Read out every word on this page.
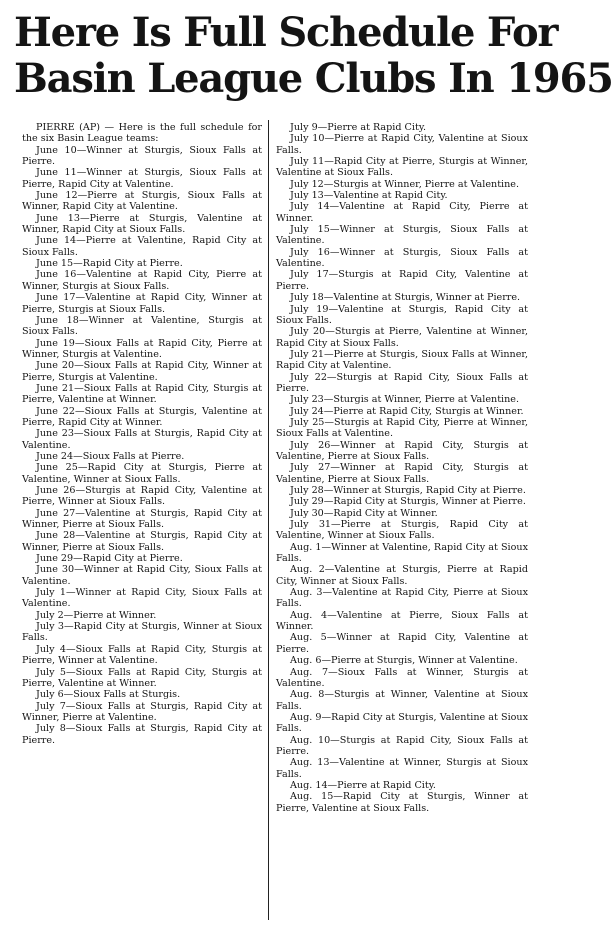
Here Is Full Schedule For
Basin League Clubs In 1965

PIERRE (AP) — Here is the full schedule for the six Basin League teams:

June 10—Winner at Sturgis, Sioux Falls at Pierre.

June 11—Winner at Sturgis, Sioux Falls at Pierre, Rapid City at Valentine.

June 12—Pierre at Sturgis, Sioux Falls at Winner, Rapid City at Valentine.

June 13—Pierre at Sturgis, Valentine at Winner, Rapid City at Sioux Falls.

June 14—Pierre at Valentine, Rapid City at Sioux Falls.

June 15—Rapid City at Pierre.

June 16—Valentine at Rapid City, Pierre at Winner, Sturgis at Sioux Falls.

June 17—Valentine at Rapid City, Winner at Pierre, Sturgis at Sioux Falls.

June 18—Winner at Valentine, Sturgis at Sioux Falls.

June 19—Sioux Falls at Rapid City, Pierre at Winner, Sturgis at Valentine.

June 20—Sioux Falls at Rapid City, Winner at Pierre, Sturgis at Valentine.

June 21—Sioux Falls at Rapid City, Sturgis at Pierre, Valentine at Winner.

June 22—Sioux Falls at Sturgis, Valentine at Pierre, Rapid City at Winner.

June 23—Sioux Falls at Sturgis, Rapid City at Valentine.

June 24—Sioux Falls at Pierre.

June 25—Rapid City at Sturgis, Pierre at Valentine, Winner at Sioux Falls.

June 26—Sturgis at Rapid City, Valentine at Pierre, Winner at Sioux Falls.

June 27—Valentine at Sturgis, Rapid City at Winner, Pierre at Sioux Falls.

June 28—Valentine at Sturgis, Rapid City at Winner, Pierre at Sioux Falls.

June 29—Rapid City at Pierre.

June 30—Winner at Rapid City, Sioux Falls at Valentine.

July 1—Winner at Rapid City, Sioux Falls at Valentine.

July 2—Pierre at Winner.

July 3—Rapid City at Sturgis, Winner at Sioux Falls.

July 4—Sioux Falls at Rapid City, Sturgis at Pierre, Winner at Valentine.

July 5—Sioux Falls at Rapid City, Sturgis at Pierre, Valentine at Winner.

July 6—Sioux Falls at Sturgis.

July 7—Sioux Falls at Sturgis, Rapid City at Winner, Pierre at Valentine.

July 8—Sioux Falls at Sturgis, Rapid City at Pierre.

July 9—Pierre at Rapid City.

July 10—Pierre at Rapid City, Valentine at Sioux Falls.

July 11—Rapid City at Pierre, Sturgis at Winner, Valentine at Sioux Falls.

July 12—Sturgis at Winner, Pierre at Valentine.

July 13—Valentine at Rapid City.

July 14—Valentine at Rapid City, Pierre at Winner.

July 15—Winner at Sturgis, Sioux Falls at Valentine.

July 16—Winner at Sturgis, Sioux Falls at Valentine.

July 17—Sturgis at Rapid City, Valentine at Pierre.

July 18—Valentine at Sturgis, Winner at Pierre.

July 19—Valentine at Sturgis, Rapid City at Sioux Falls.

July 20—Sturgis at Pierre, Valentine at Winner, Rapid City at Sioux Falls.

July 21—Pierre at Sturgis, Sioux Falls at Winner, Rapid City at Valentine.

July 22—Sturgis at Rapid City, Sioux Falls at Pierre.

July 23—Sturgis at Winner, Pierre at Valentine.

July 24—Pierre at Rapid City, Sturgis at Winner.

July 25—Sturgis at Rapid City, Pierre at Winner, Sioux Falls at Valentine.

July 26—Winner at Rapid City, Sturgis at Valentine, Pierre at Sioux Falls.

July 27—Winner at Rapid City, Sturgis at Valentine, Pierre at Sioux Falls.

July 28—Winner at Sturgis, Rapid City at Pierre.

July 29—Rapid City at Sturgis, Winner at Pierre.

July 30—Rapid City at Winner.

July 31—Pierre at Sturgis, Rapid City at Valentine, Winner at Sioux Falls.

Aug. 1—Winner at Valentine, Rapid City at Sioux Falls.

Aug. 2—Valentine at Sturgis, Pierre at Rapid City, Winner at Sioux Falls.

Aug. 3—Valentine at Rapid City, Pierre at Sioux Falls.

Aug. 4—Valentine at Pierre, Sioux Falls at Winner.

Aug. 5—Winner at Rapid City, Valentine at Pierre.

Aug. 6—Pierre at Sturgis, Winner at Valentine.

Aug. 7—Sioux Falls at Winner, Sturgis at Valentine.

Aug. 8—Sturgis at Winner, Valentine at Sioux Falls.

Aug. 9—Rapid City at Sturgis, Valentine at Sioux Falls.

Aug. 10—Sturgis at Rapid City, Sioux Falls at Pierre.

Aug. 13—Valentine at Winner, Sturgis at Sioux Falls.

Aug. 14—Pierre at Rapid City.

Aug. 15—Rapid City at Sturgis, Winner at Pierre, Valentine at Sioux Falls.
